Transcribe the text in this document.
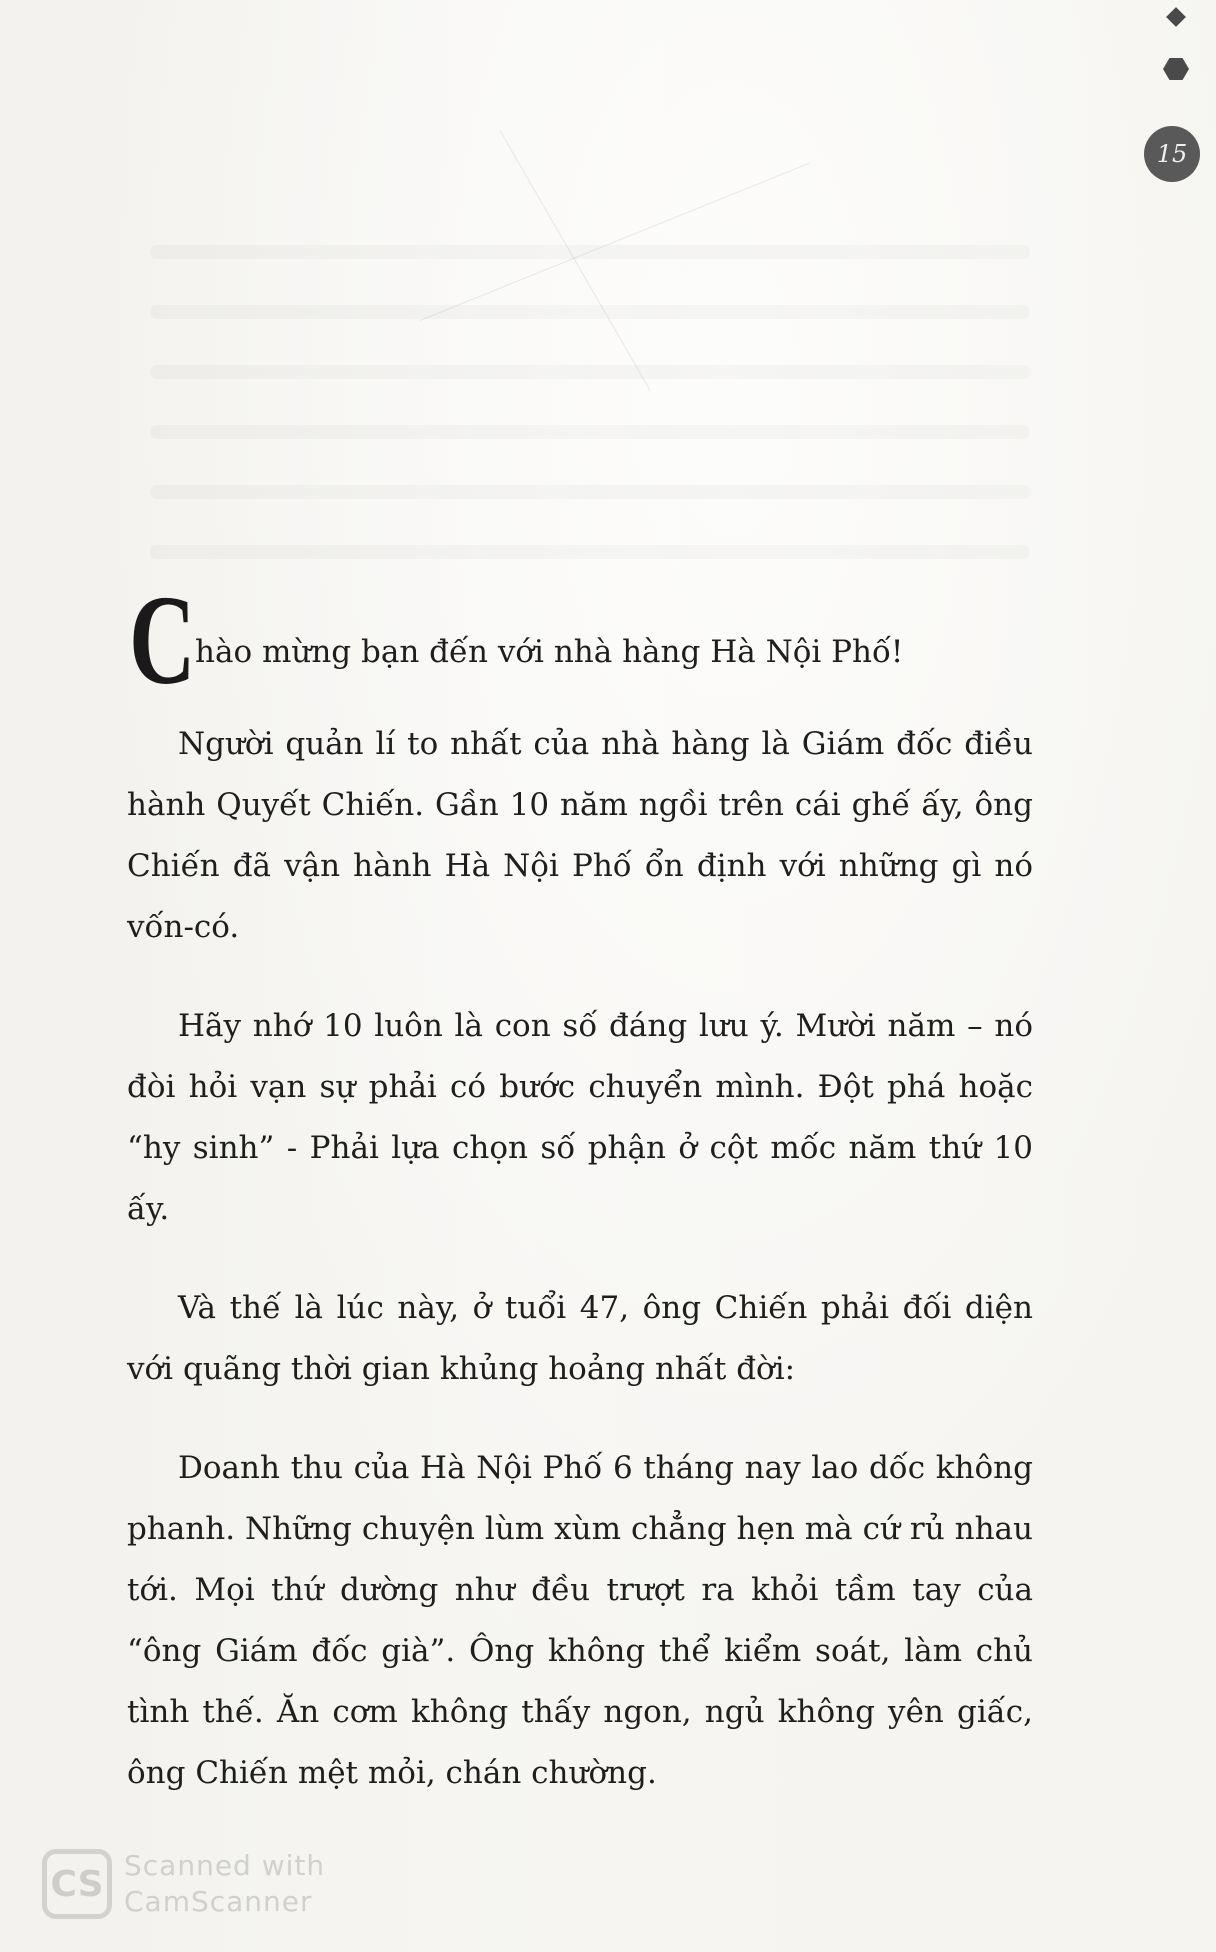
15
C hào mừng bạn đến với nhà hàng Hà Nội Phố!

Người quản lí to nhất của nhà hàng là Giám đốc điều hành Quyết Chiến. Gần 10 năm ngồi trên cái ghế ấy, ông Chiến đã vận hành Hà Nội Phố ổn định với những gì nó vốn-có.

Hãy nhớ 10 luôn là con số đáng lưu ý. Mười năm – nó đòi hỏi vạn sự phải có bước chuyển mình. Đột phá hoặc “hy sinh” - Phải lựa chọn số phận ở cột mốc năm thứ 10 ấy.

Và thế là lúc này, ở tuổi 47, ông Chiến phải đối diện với quãng thời gian khủng hoảng nhất đời:

Doanh thu của Hà Nội Phố 6 tháng nay lao dốc không phanh. Những chuyện lùm xùm chẳng hẹn mà cứ rủ nhau tới. Mọi thứ dường như đều trượt ra khỏi tầm tay của “ông Giám đốc già”. Ông không thể kiểm soát, làm chủ tình thế. Ăn cơm không thấy ngon, ngủ không yên giấc, ông Chiến mệt mỏi, chán chường.

CS Scanned with
CamScanner
